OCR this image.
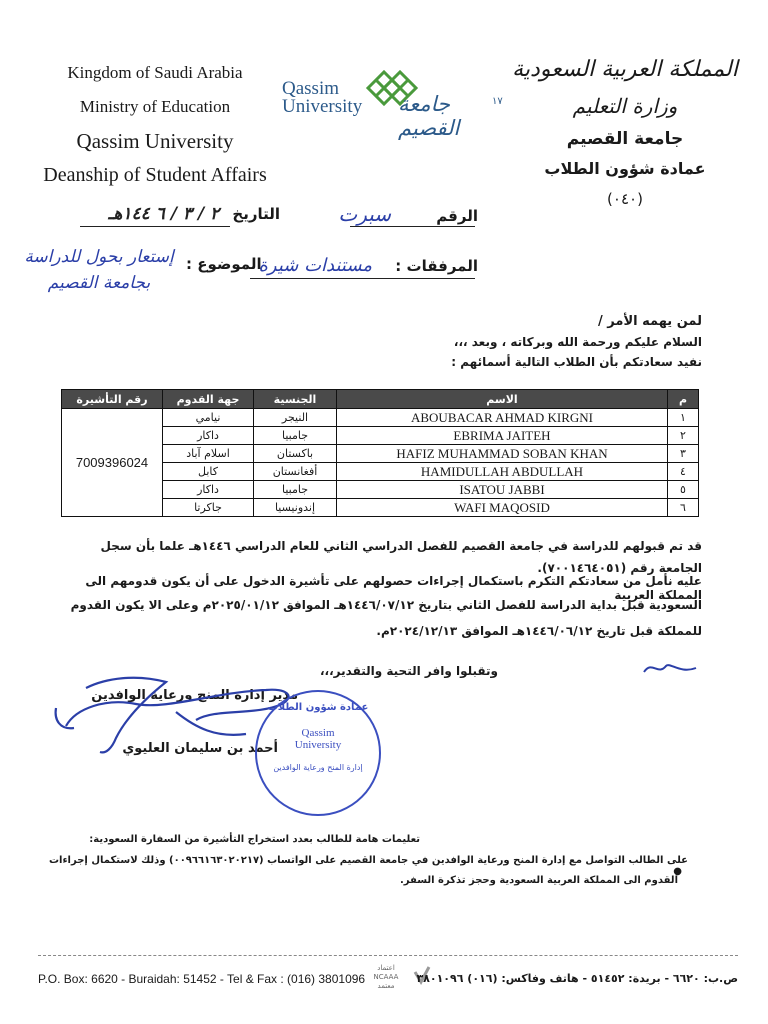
Kingdom of Saudi Arabia
Ministry of Education
Qassim University
Deanship of Student Affairs
Qassim
University جامعة القصيم
١٧
المملكة العربية السعودية
وزارة التعليم
جامعة القصيم
عمادة شؤون الطلاب
(٠٤٠)
الرقم سبرت
التاريخ ٢ / ٣ / ٦ ١٤٤هـ
المرفقات : مستندات شيرة
الموضوع :
إستعار بحول للدراسة بجامعة القصيم
لمن يهمه الأمر /
السلام عليكم ورحمة الله وبركاته ، وبعد ،،،
نفيد سعادتكم بأن الطلاب التالية أسمائهم :
رقم التأشيرة	جهة القدوم	الجنسية	الاسم	م
7009396024	نيامي	النيجر	ABOUBACAR AHMAD KIRGNI	١
	داكار	جامبيا	EBRIMA JAITEH	٢
	اسلام آباد	باكستان	HAFIZ MUHAMMAD SOBAN KHAN	٣
	كابل	أفغانستان	HAMIDULLAH ABDULLAH	٤
	داكار	جامبيا	ISATOU JABBI	٥
	جاكرتا	إندونيسيا	WAFI MAQOSID	٦
قد تم قبولهم للدراسة في جامعة القصيم للفصل الدراسي الثاني للعام الدراسي ١٤٤٦هـ علما بأن سجل الجامعة رقم (٧٠٠١٤٦٤٠٥١).
عليه نأمل من سعادتكم التكرم باستكمال إجراءات حصولهم على تأشيرة الدخول على أن يكون قدومهم الى المملكة العربية
السعودية قبل بداية الدراسة للفصل الثاني بتاريخ ١٤٤٦/٠٧/١٢هـ الموافق ٢٠٢٥/٠١/١٢م وعلى الا يكون القدوم
للمملكة قبل تاريخ ١٤٤٦/٠٦/١٢هـ الموافق ٢٠٢٤/١٢/١٣م.
وتقبلوا وافر التحية والتقدير،،،
مدير إدارة المنح ورعاية الوافدين
أحمد بن سليمان العليوي
عمادة شؤون الطلاب
Qassim
University
إدارة المنح ورعاية الوافدين
تعليمات هامة للطالب بعدد استخراج التأشيرة من السفارة السعودية:
على الطالب التواصل مع إدارة المنح ورعاية الوافدين في جامعة القصيم على الواتساب (٠٠٩٦٦١٦٣٠٢٠٢١٧) وذلك لاستكمال إجراءات ●
القدوم الى المملكة العربية السعودية وحجز تذكرة السفر.
P.O. Box: 6620 - Buraidah: 51452 - Tel & Fax : (016) 3801096
اعتماد
NCAAA
معتمد
ص.ب: ٦٦٢٠ - بريدة: ٥١٤٥٢ - هاتف وفاكس: (٠١٦) ٣٨٠١٠٩٦
